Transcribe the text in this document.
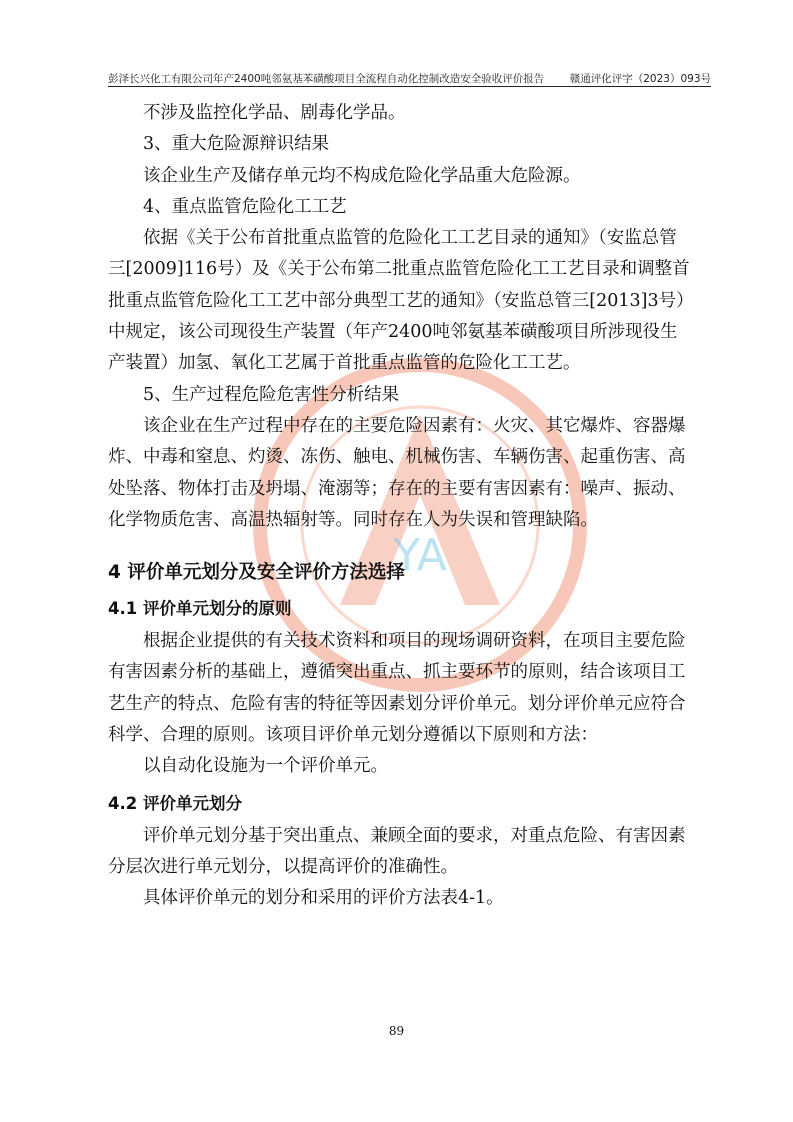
彭泽长兴化工有限公司年产2400吨邻氨基苯磺酸项目全流程自动化控制改造安全验收评价报告 赣通评化评字（2023）093号
YA

不涉及监控化学品、剧毒化学品。

3、重大危险源辩识结果

该企业生产及储存单元均不构成危险化学品重大危险源。

4、重点监管危险化工工艺

依据《关于公布首批重点监管的危险化工工艺目录的通知》（安监总管

三[2009]116号）及《关于公布第二批重点监管危险化工工艺目录和调整首

批重点监管危险化工工艺中部分典型工艺的通知》（安监总管三[2013]3号）

中规定，该公司现役生产装置（年产2400吨邻氨基苯磺酸项目所涉现役生

产装置）加氢、氧化工艺属于首批重点监管的危险化工工艺。

5、生产过程危险危害性分析结果

该企业在生产过程中存在的主要危险因素有：火灾、其它爆炸、容器爆

炸、中毒和窒息、灼烫、冻伤、触电、机械伤害、车辆伤害、起重伤害、高

处坠落、物体打击及坍塌、淹溺等；存在的主要有害因素有：噪声、振动、

化学物质危害、高温热辐射等。同时存在人为失误和管理缺陷。

4 评价单元划分及安全评价方法选择
4.1 评价单元划分的原则

根据企业提供的有关技术资料和项目的现场调研资料，在项目主要危险

有害因素分析的基础上，遵循突出重点、抓主要环节的原则，结合该项目工

艺生产的特点、危险有害的特征等因素划分评价单元。划分评价单元应符合

科学、合理的原则。该项目评价单元划分遵循以下原则和方法：

以自动化设施为一个评价单元。

4.2 评价单元划分

评价单元划分基于突出重点、兼顾全面的要求，对重点危险、有害因素

分层次进行单元划分，以提高评价的准确性。

具体评价单元的划分和采用的评价方法表4-1。

89
